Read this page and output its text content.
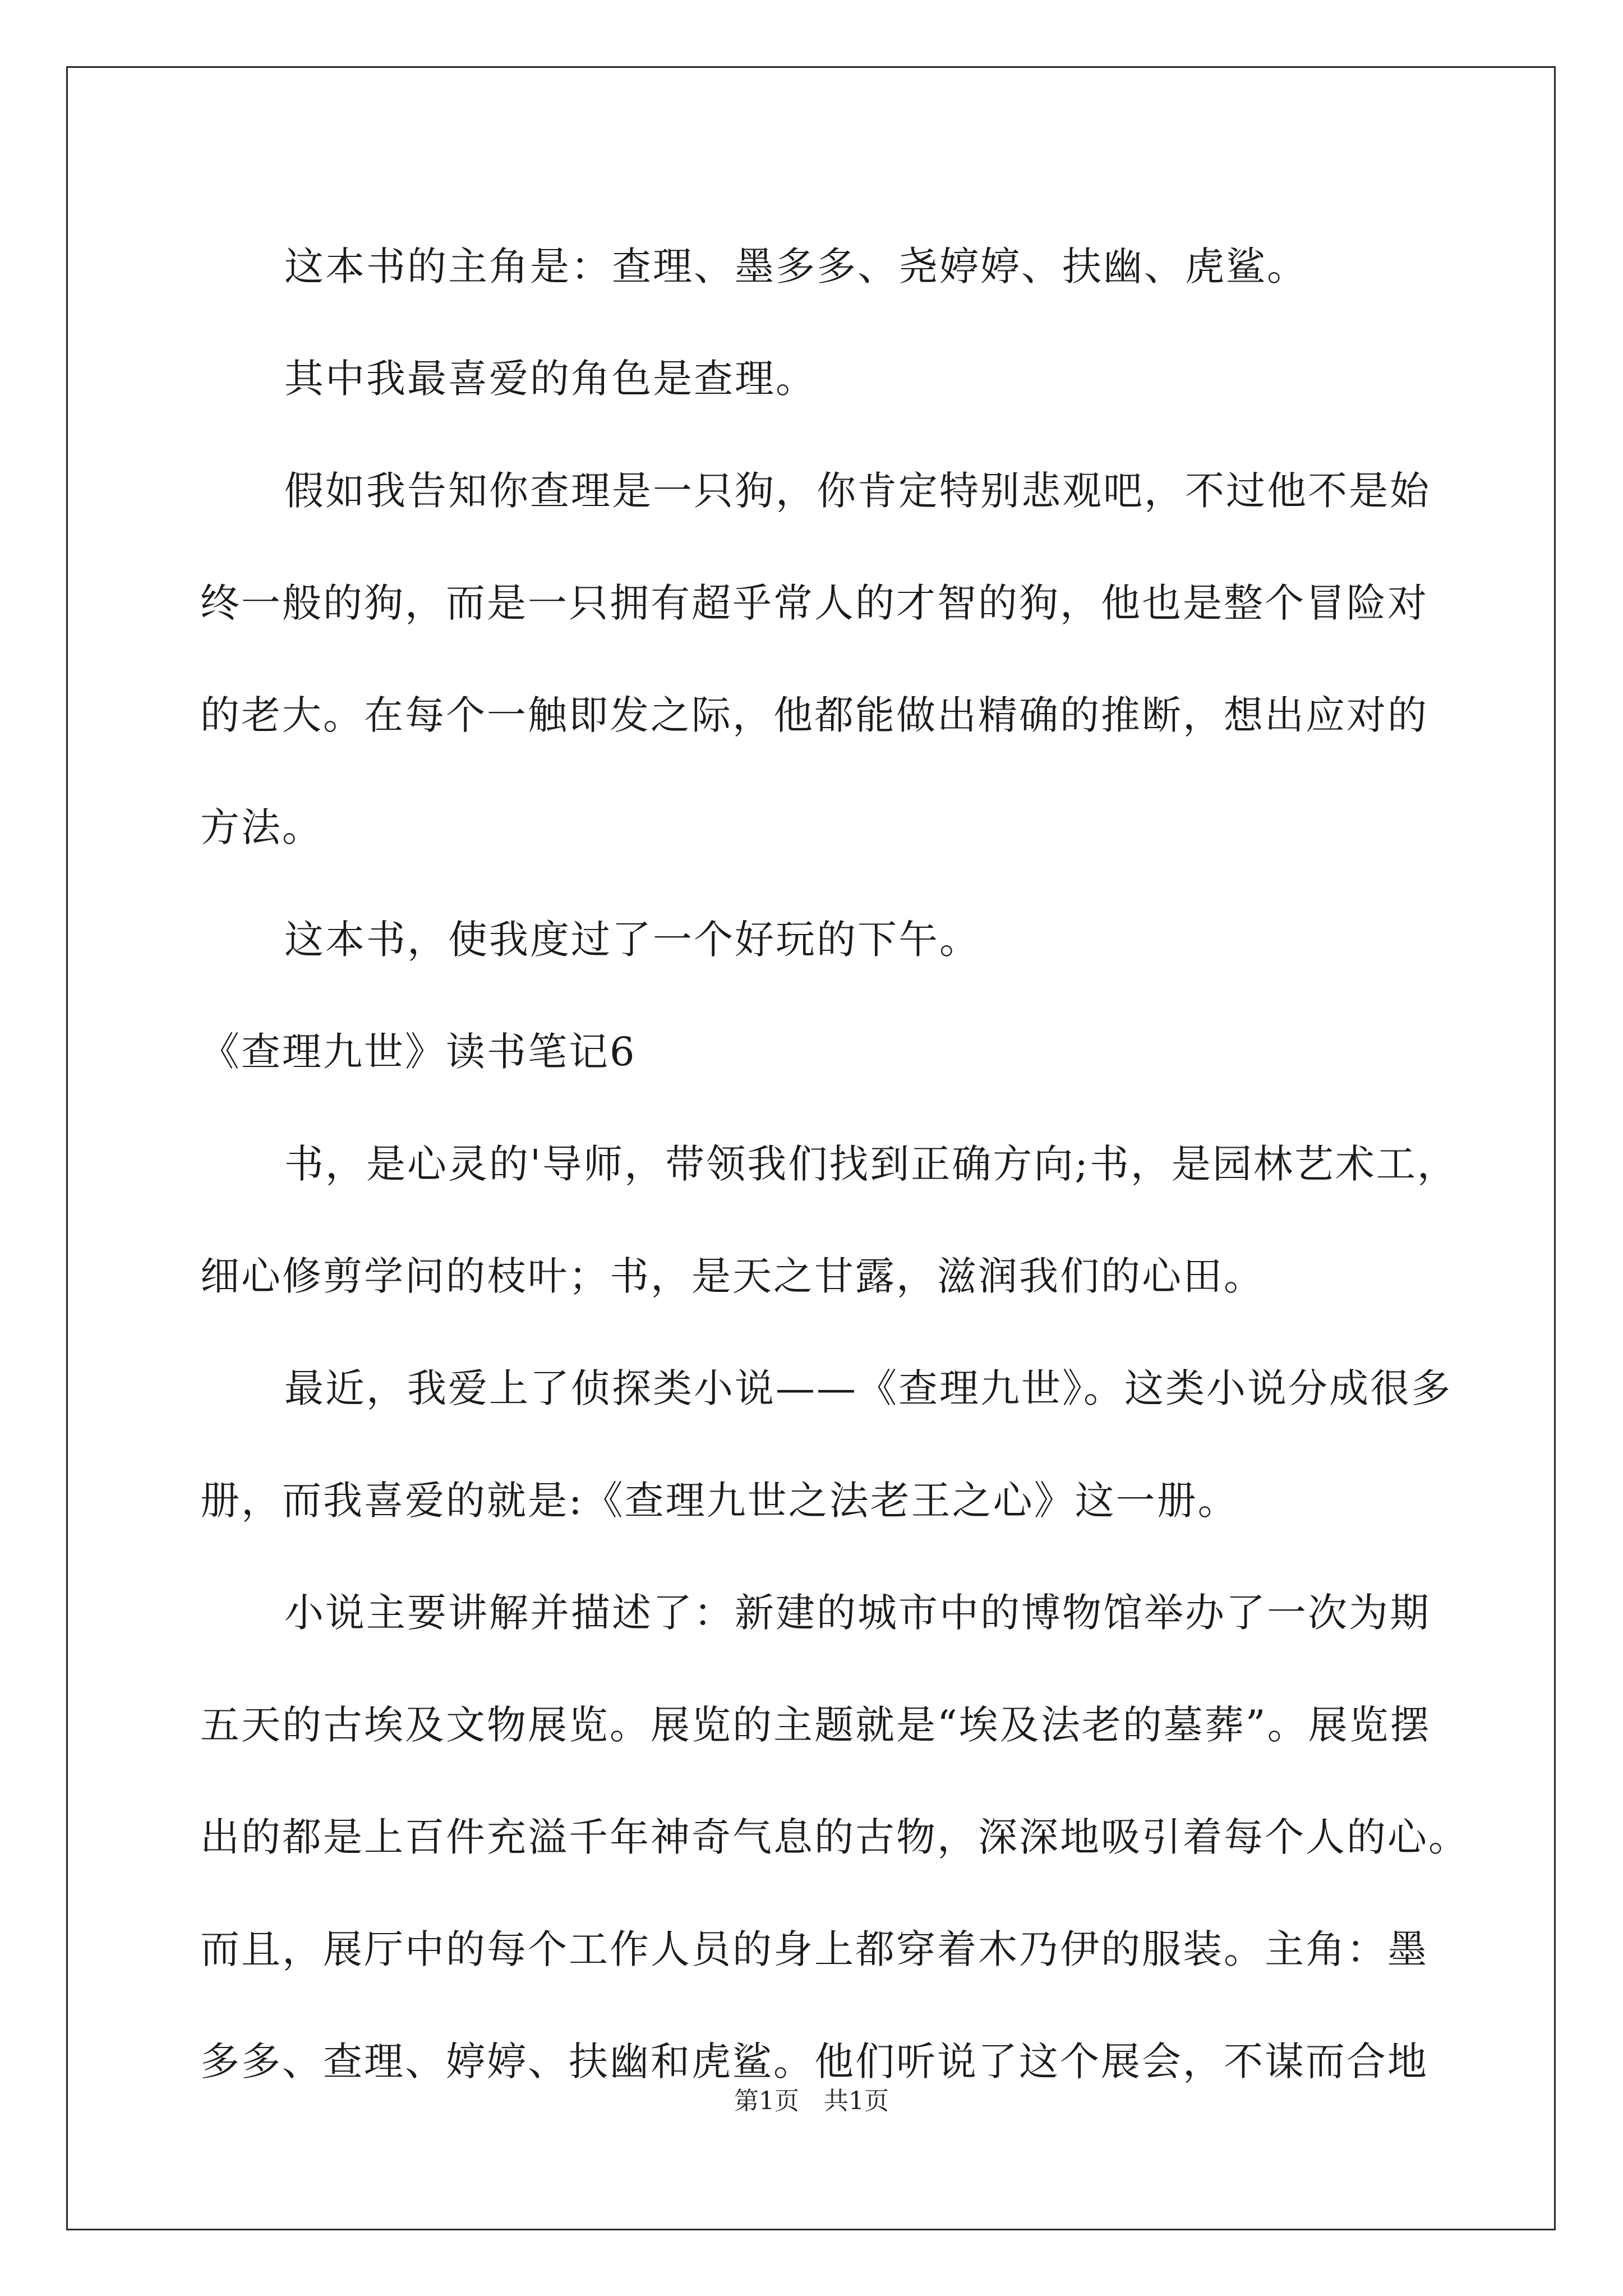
这本书的主角是：查理、墨多多、尧婷婷、扶幽、虎鲨。
其中我最喜爱的角色是查理。
假如我告知你查理是一只狗，你肯定特别悲观吧，不过他不是始
终一般的狗，而是一只拥有超乎常人的才智的狗，他也是整个冒险对
的老大。在每个一触即发之际，他都能做出精确的推断，想出应对的
方法。
这本书，使我度过了一个好玩的下午。
《查理九世》读书笔记6
书，是心灵的'导师，带领我们找到正确方向;书，是园林艺术工，
细心修剪学问的枝叶；书，是天之甘露，滋润我们的心田。
最近，我爱上了侦探类小说——《查理九世》。这类小说分成很多
册，而我喜爱的就是:《查理九世之法老王之心》这一册。
小说主要讲解并描述了：新建的城市中的博物馆举办了一次为期
五天的古埃及文物展览。展览的主题就是“埃及法老的墓葬”。展览摆
出的都是上百件充溢千年神奇气息的古物，深深地吸引着每个人的心。
而且，展厅中的每个工作人员的身上都穿着木乃伊的服装。主角：墨
多多、查理、婷婷、扶幽和虎鲨。他们听说了这个展会，不谋而合地
第1页　共1页
